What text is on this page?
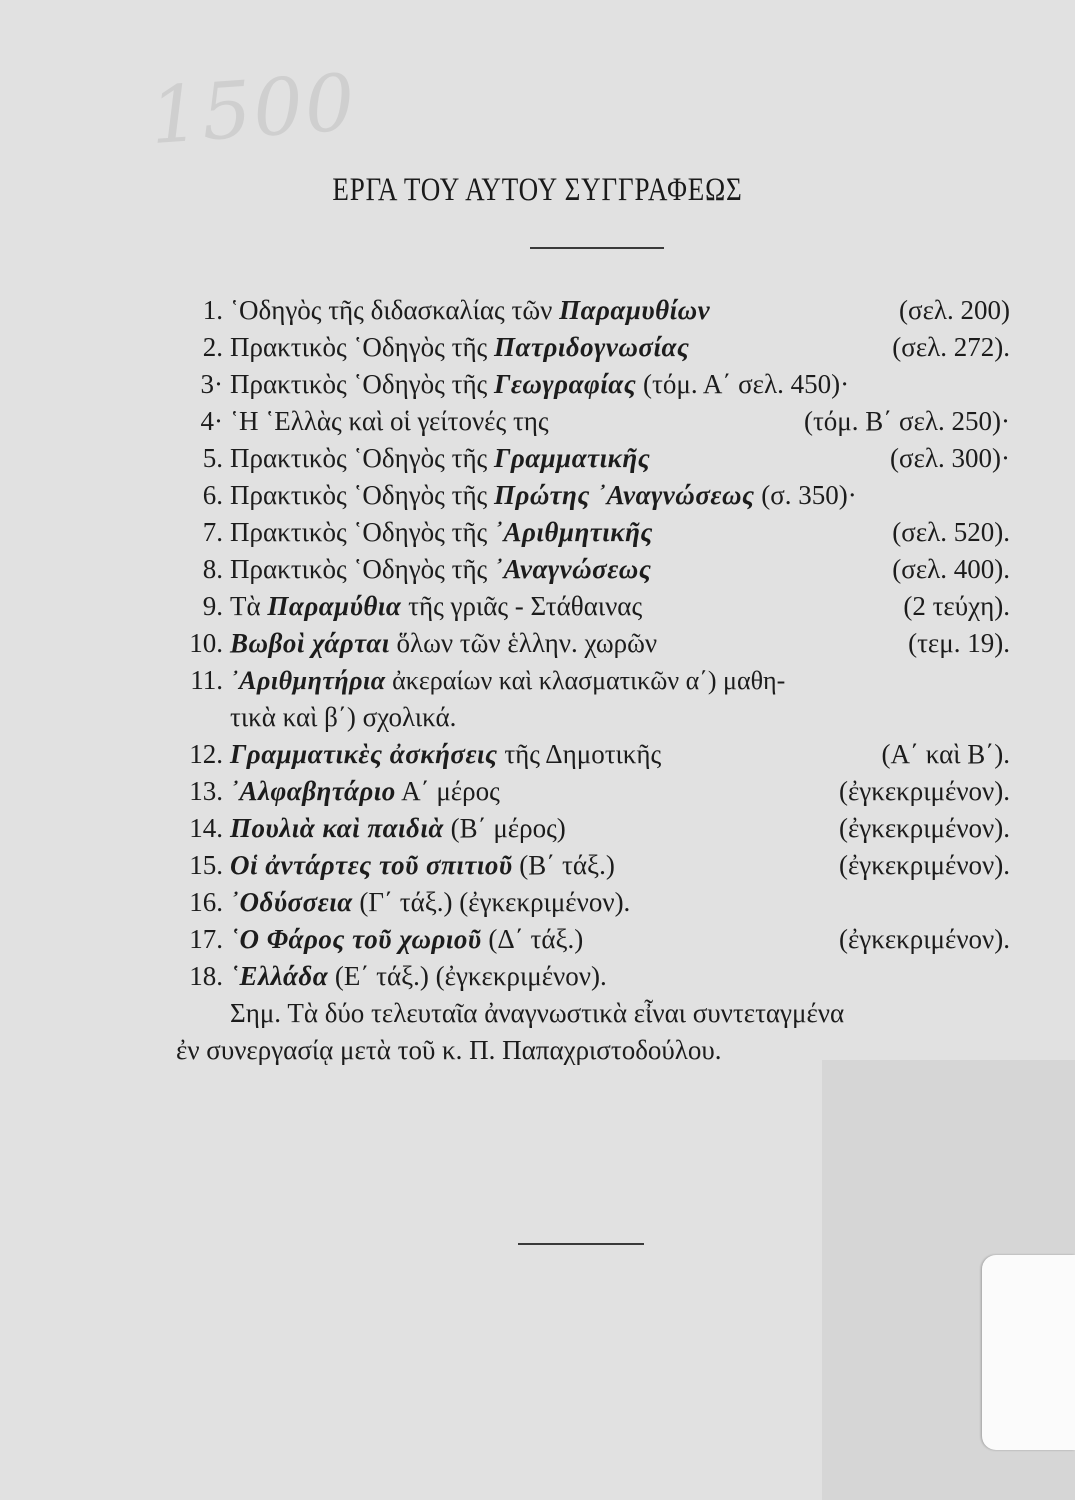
1500
ΕΡΓΑ ΤΟΥ ΑΥΤΟΥ ΣΥΓΓΡΑΦΕΩΣ
1. ῾Οδηγὸς τῆς διδασκαλίας τῶν Παραμυθίων	(σελ. 200)
2. Πρακτικὸς ῾Οδηγὸς τῆς Πατριδογνωσίας	(σελ. 272).
3· Πρακτικὸς ῾Οδηγὸς τῆς Γεωγραφίας (τόμ. Α΄ σελ. 450)·
4· ῾Η ῾Ελλὰς καὶ οἱ γείτονές της	(τόμ. Β΄ σελ. 250)·
5. Πρακτικὸς ῾Οδηγὸς τῆς Γραμματικῆς	(σελ. 300)·
6. Πρακτικὸς ῾Οδηγὸς τῆς Πρώτης ᾿Αναγνώσεως (σ. 350)·
7. Πρακτικὸς ῾Οδηγὸς τῆς ᾿Αριθμητικῆς	(σελ. 520).
8. Πρακτικὸς ῾Οδηγὸς τῆς ᾿Αναγνώσεως	(σελ. 400).
9. Τὰ Παραμύθια τῆς γριᾶς - Στάθαινας	(2 τεύχη).
10. Βωβοὶ χάρται ὅλων τῶν ἑλλην. χωρῶν	(τεμ. 19).
11. ᾿Αριθμητήρια ἀκεραίων καὶ κλασματικῶν α΄) μαθη-
τικὰ καὶ β΄) σχολικά.
12. Γραμματικὲς ἀσκήσεις τῆς Δημοτικῆς	(Α΄ καὶ Β΄).
13. ᾿Αλφαβητάριο Α΄ μέρος	(ἐγκεκριμένον).
14. Πουλιὰ καὶ παιδιὰ (Β΄ μέρος)	(ἐγκεκριμένον).
15. Οἱ ἀντάρτες τοῦ σπιτιοῦ (Β΄ τάξ.)	(ἐγκεκριμένον).
16. ᾿Οδύσσεια (Γ΄ τάξ.) (ἐγκεκριμένον).
17. ῾Ο Φάρος τοῦ χωριοῦ (Δ΄ τάξ.)	(ἐγκεκριμένον).
18. ῾Ελλάδα (Ε΄ τάξ.) (ἐγκεκριμένον).
Σημ. Τὰ δύο τελευταῖα ἀναγνωστικὰ εἶναι συντεταγμένα
ἐν συνεργασίᾳ μετὰ τοῦ κ. Π. Παπαχριστοδούλου.
